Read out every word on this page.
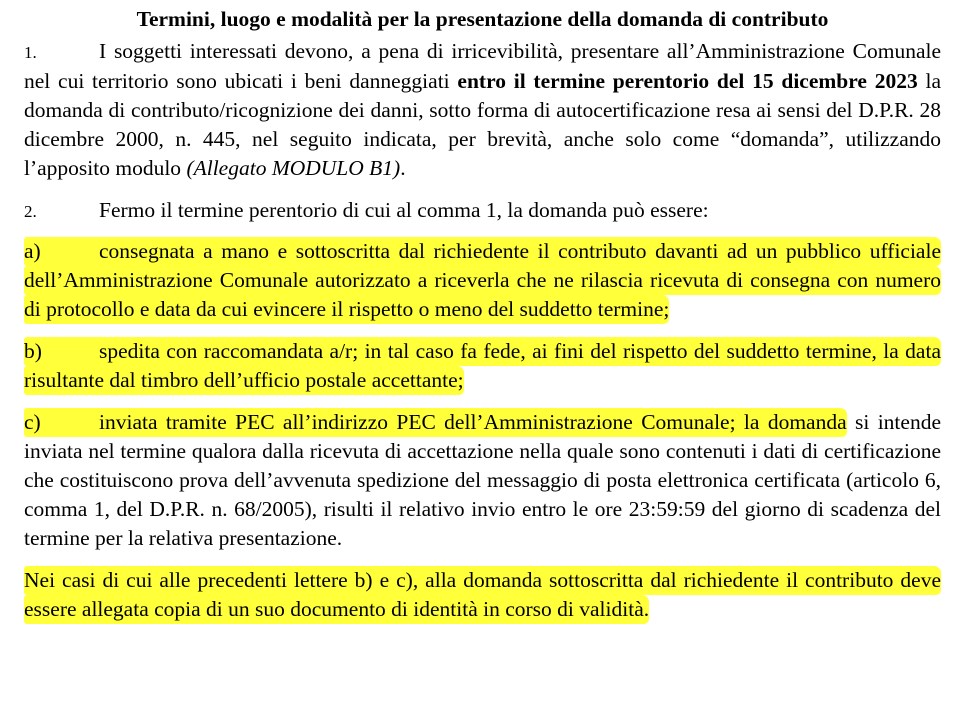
Termini, luogo e modalità per la presentazione della domanda di contributo

1.	I soggetti interessati devono, a pena di irricevibilità, presentare all’Amministrazione Comunale nel cui territorio sono ubicati i beni danneggiati entro il termine perentorio del 15 dicembre 2023 la domanda di contributo/ricognizione dei danni, sotto forma di autocertificazione resa ai sensi del D.P.R. 28 dicembre 2000, n. 445, nel seguito indicata, per brevità, anche solo come “domanda”, utilizzando l’apposito modulo (Allegato MODULO B1).

2.	Fermo il termine perentorio di cui al comma 1, la domanda può essere:

a)	consegnata a mano e sottoscritta dal richiedente il contributo davanti ad un pubblico ufficiale dell’Amministrazione Comunale autorizzato a riceverla che ne rilascia ricevuta di consegna con numero di protocollo e data da cui evincere il rispetto o meno del suddetto termine;

b)	spedita con raccomandata a/r; in tal caso fa fede, ai fini del rispetto del suddetto termine, la data risultante dal timbro dell’ufficio postale accettante;

c)	inviata tramite PEC all’indirizzo PEC dell’Amministrazione Comunale; la domanda si intende inviata nel termine qualora dalla ricevuta di accettazione nella quale sono contenuti i dati di certificazione che costituiscono prova dell’avvenuta spedizione del messaggio di posta elettronica certificata (articolo 6, comma 1, del D.P.R. n. 68/2005), risulti il relativo invio entro le ore 23:59:59 del giorno di scadenza del termine per la relativa presentazione.

Nei casi di cui alle precedenti lettere b) e c), alla domanda sottoscritta dal richiedente il contributo deve essere allegata copia di un suo documento di identità in corso di validità.
